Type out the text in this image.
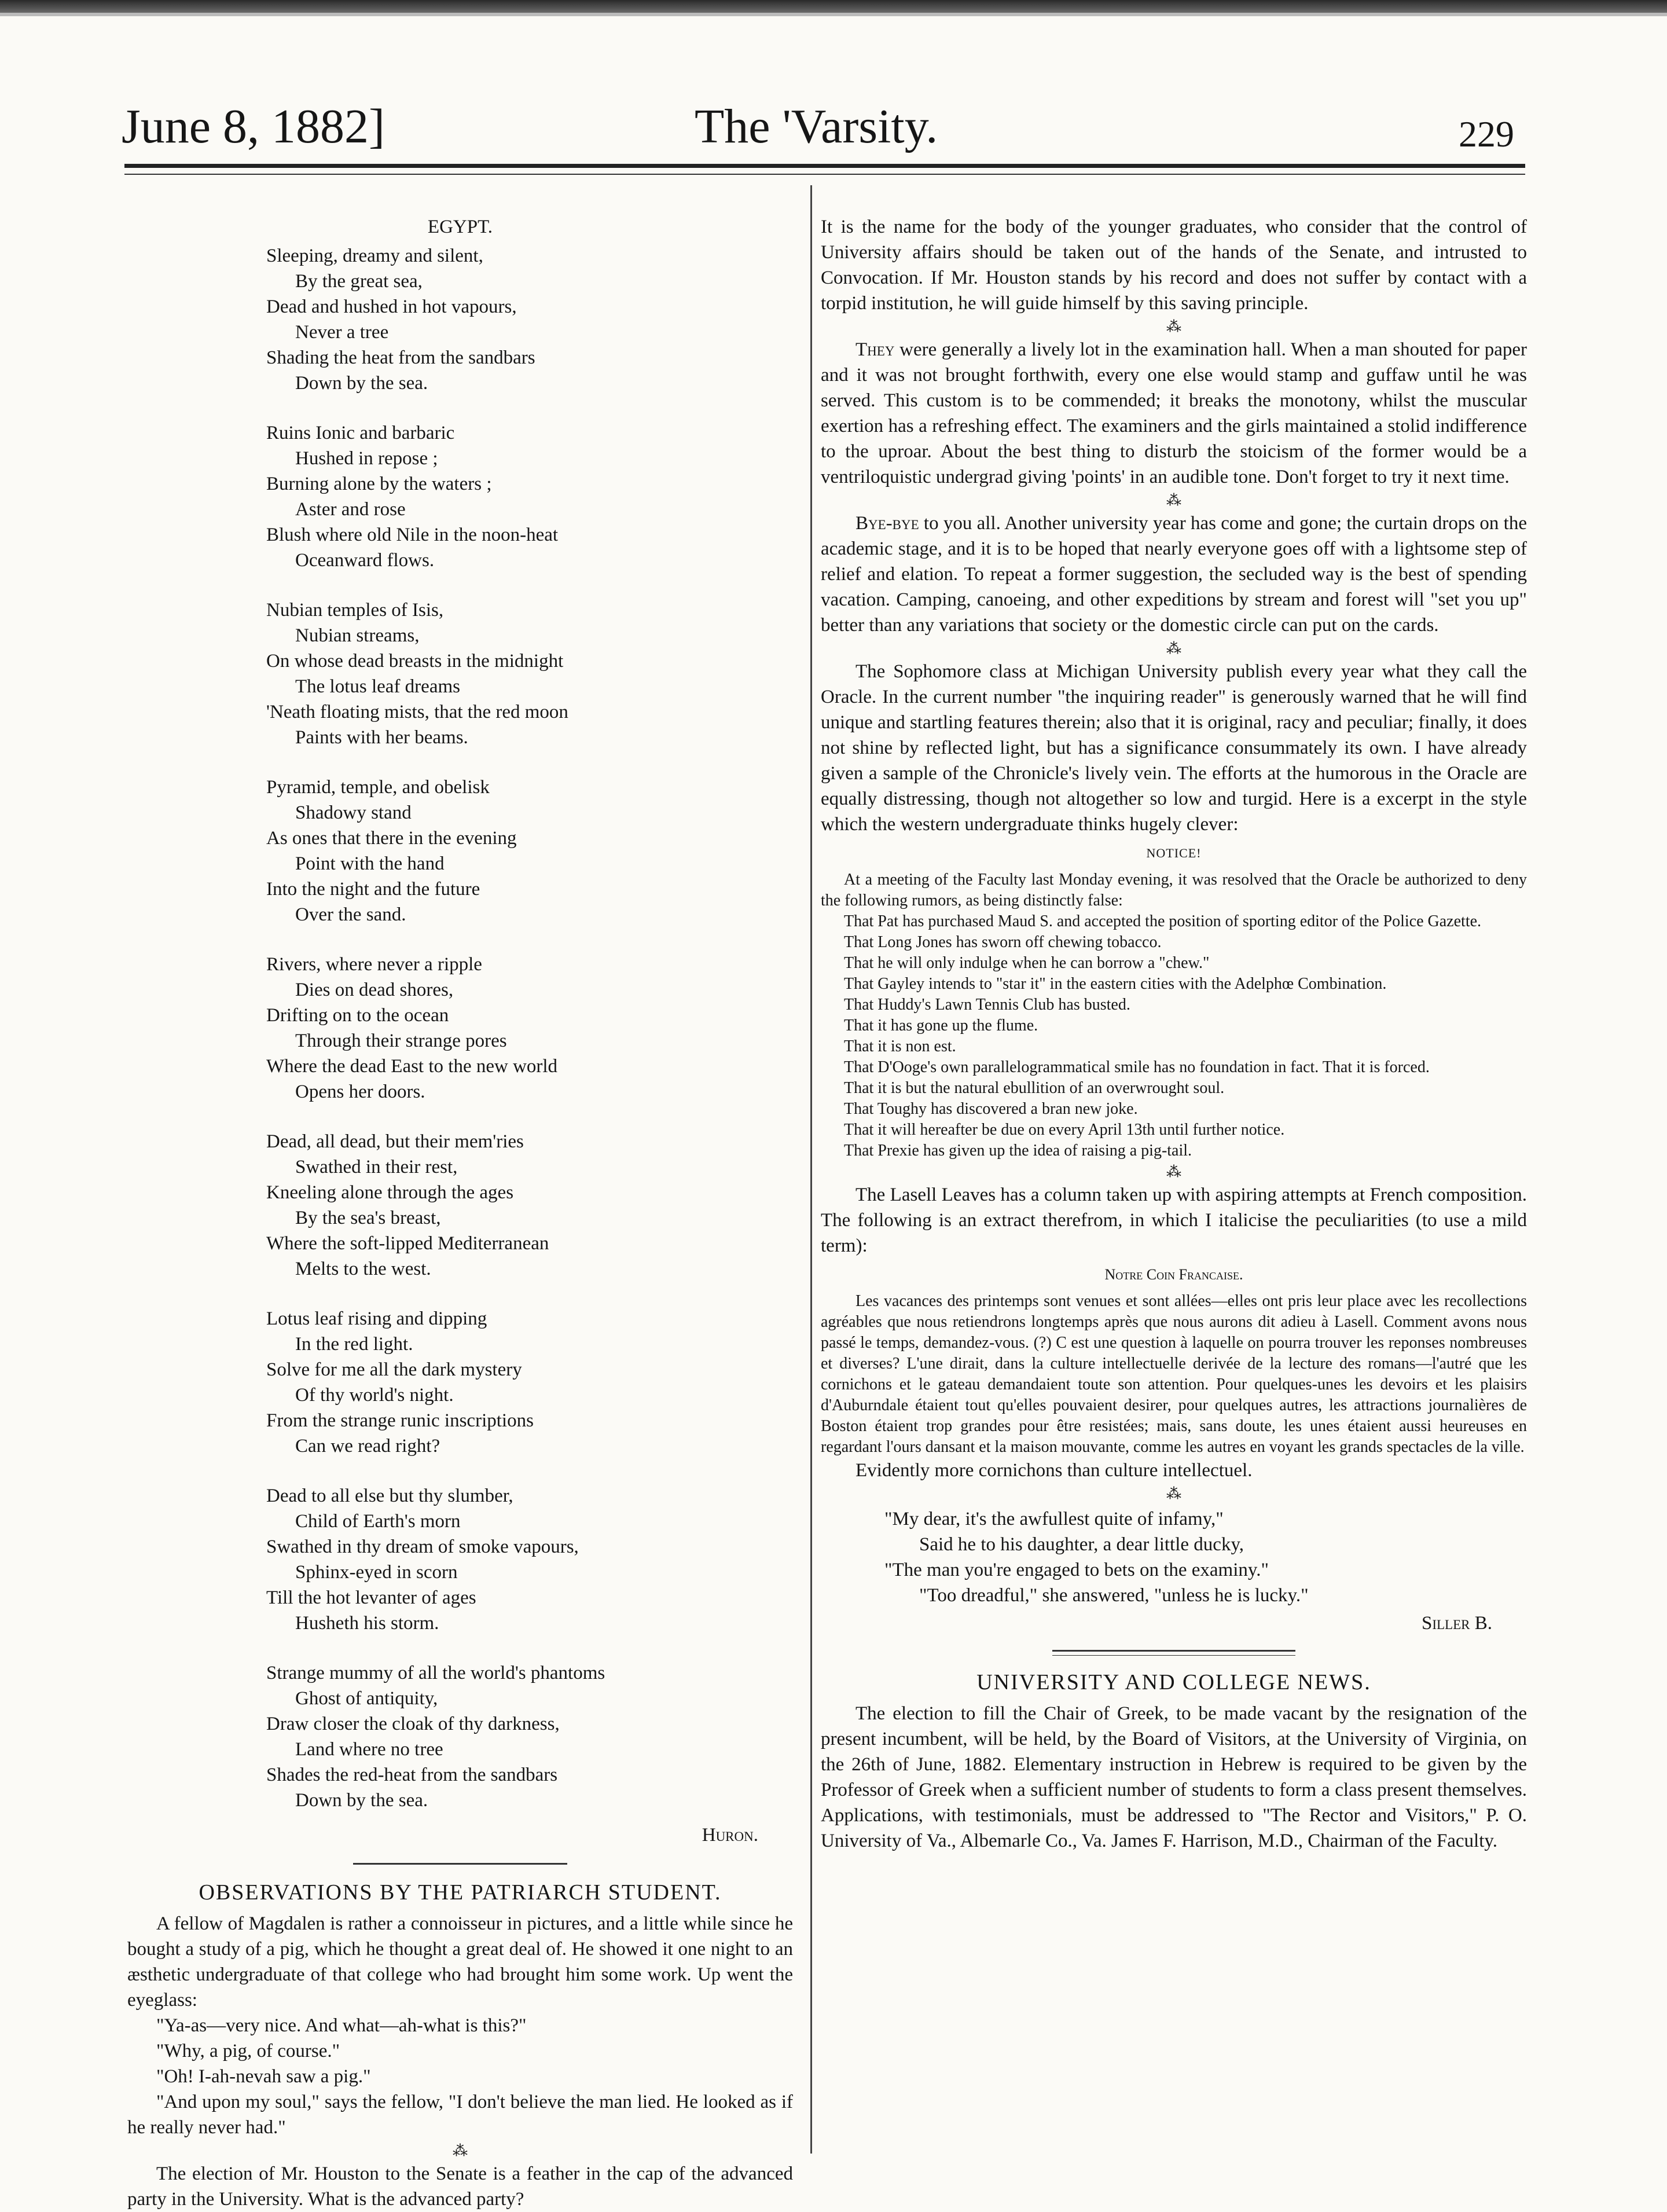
June 8, 1882]	The 'Varsity.	229
EGYPT.
Sleeping, dreamy and silent,
By the great sea,
Dead and hushed in hot vapours,
Never a tree
Shading the heat from the sandbars
Down by the sea.
Ruins Ionic and barbaric
Hushed in repose ;
Burning alone by the waters ;
Aster and rose
Blush where old Nile in the noon-heat
Oceanward flows.
Nubian temples of Isis,
Nubian streams,
On whose dead breasts in the midnight
The lotus leaf dreams
'Neath floating mists, that the red moon
Paints with her beams.
Pyramid, temple, and obelisk
Shadowy stand
As ones that there in the evening
Point with the hand
Into the night and the future
Over the sand.
Rivers, where never a ripple
Dies on dead shores,
Drifting on to the ocean
Through their strange pores
Where the dead East to the new world
Opens her doors.
Dead, all dead, but their mem'ries
Swathed in their rest,
Kneeling alone through the ages
By the sea's breast,
Where the soft-lipped Mediterranean
Melts to the west.
Lotus leaf rising and dipping
In the red light.
Solve for me all the dark mystery
Of thy world's night.
From the strange runic inscriptions
Can we read right?
Dead to all else but thy slumber,
Child of Earth's morn
Swathed in thy dream of smoke vapours,
Sphinx-eyed in scorn
Till the hot levanter of ages
Husheth his storm.
Strange mummy of all the world's phantoms
Ghost of antiquity,
Draw closer the cloak of thy darkness,
Land where no tree
Shades the red-heat from the sandbars
Down by the sea.
Huron.
OBSERVATIONS BY THE PATRIARCH STUDENT.

A fellow of Magdalen is rather a connoisseur in pictures, and a little while since he bought a study of a pig, which he thought a great deal of. He showed it one night to an æsthetic undergraduate of that college who had brought him some work. Up went the eyeglass:

"Ya-as—very nice. And what—ah-what is this?"

"Why, a pig, of course."

"Oh! I-ah-nevah saw a pig."

"And upon my soul," says the fellow, "I don't believe the man lied. He looked as if he really never had."

⁂

The election of Mr. Houston to the Senate is a feather in the cap of the advanced party in the University. What is the advanced party?

It is the name for the body of the younger graduates, who consider that the control of University affairs should be taken out of the hands of the Senate, and intrusted to Convocation. If Mr. Houston stands by his record and does not suffer by contact with a torpid institution, he will guide himself by this saving principle.

⁂

They were generally a lively lot in the examination hall. When a man shouted for paper and it was not brought forthwith, every one else would stamp and guffaw until he was served. This custom is to be commended; it breaks the monotony, whilst the muscular exertion has a refreshing effect. The examiners and the girls maintained a stolid indifference to the uproar. About the best thing to disturb the stoicism of the former would be a ventriloquistic undergrad giving 'points' in an audible tone. Don't forget to try it next time.

⁂

Bye-bye to you all. Another university year has come and gone; the curtain drops on the academic stage, and it is to be hoped that nearly everyone goes off with a lightsome step of relief and elation. To repeat a former suggestion, the secluded way is the best of spending vacation. Camping, canoeing, and other expeditions by stream and forest will "set you up" better than any variations that society or the domestic circle can put on the cards.

⁂

The Sophomore class at Michigan University publish every year what they call the Oracle. In the current number "the inquiring reader" is generously warned that he will find unique and startling features therein; also that it is original, racy and peculiar; finally, it does not shine by reflected light, but has a significance consummately its own. I have already given a sample of the Chronicle's lively vein. The efforts at the humorous in the Oracle are equally distressing, though not altogether so low and turgid. Here is a excerpt in the style which the western undergraduate thinks hugely clever:

NOTICE!

At a meeting of the Faculty last Monday evening, it was resolved that the Oracle be authorized to deny the following rumors, as being distinctly false:

That Pat has purchased Maud S. and accepted the position of sporting editor of the Police Gazette.

That Long Jones has sworn off chewing tobacco.

That he will only indulge when he can borrow a "chew."

That Gayley intends to "star it" in the eastern cities with the Adelphœ Combination.

That Huddy's Lawn Tennis Club has busted.

That it has gone up the flume.

That it is non est.

That D'Ooge's own parallelogrammatical smile has no foundation in fact. That it is forced.

That it is but the natural ebullition of an overwrought soul.

That Toughy has discovered a bran new joke.

That it will hereafter be due on every April 13th until further notice.

That Prexie has given up the idea of raising a pig-tail.

⁂

The Lasell Leaves has a column taken up with aspiring attempts at French composition. The following is an extract therefrom, in which I italicise the peculiarities (to use a mild term):

Notre Coin Francaise.

Les vacances des printemps sont venues et sont allées—elles ont pris leur place avec les recollections agréables que nous retiendrons longtemps après que nous aurons dit adieu à Lasell. Comment avons nous passé le temps, demandez-vous. (?) C est une question à laquelle on pourra trouver les reponses nombreuses et diverses? L'une dirait, dans la culture intellectuelle derivée de la lecture des romans—l'autré que les cornichons et le gateau demandaient toute son attention. Pour quelques-unes les devoirs et les plaisirs d'Auburndale étaient tout qu'elles pouvaient desirer, pour quelques autres, les attractions journalières de Boston étaient trop grandes pour être resistées; mais, sans doute, les unes étaient aussi heureuses en regardant l'ours dansant et la maison mouvante, comme les autres en voyant les grands spectacles de la ville.

Evidently more cornichons than culture intellectuel.

⁂
"My dear, it's the awfullest quite of infamy,"
Said he to his daughter, a dear little ducky,
"The man you're engaged to bets on the examiny."
"Too dreadful," she answered, "unless he is lucky."
Siller B.
UNIVERSITY AND COLLEGE NEWS.

The election to fill the Chair of Greek, to be made vacant by the resignation of the present incumbent, will be held, by the Board of Visitors, at the University of Virginia, on the 26th of June, 1882. Elementary instruction in Hebrew is required to be given by the Professor of Greek when a sufficient number of students to form a class present themselves. Applications, with testimonials, must be addressed to "The Rector and Visitors," P. O. University of Va., Albemarle Co., Va. James F. Harrison, M.D., Chairman of the Faculty.
